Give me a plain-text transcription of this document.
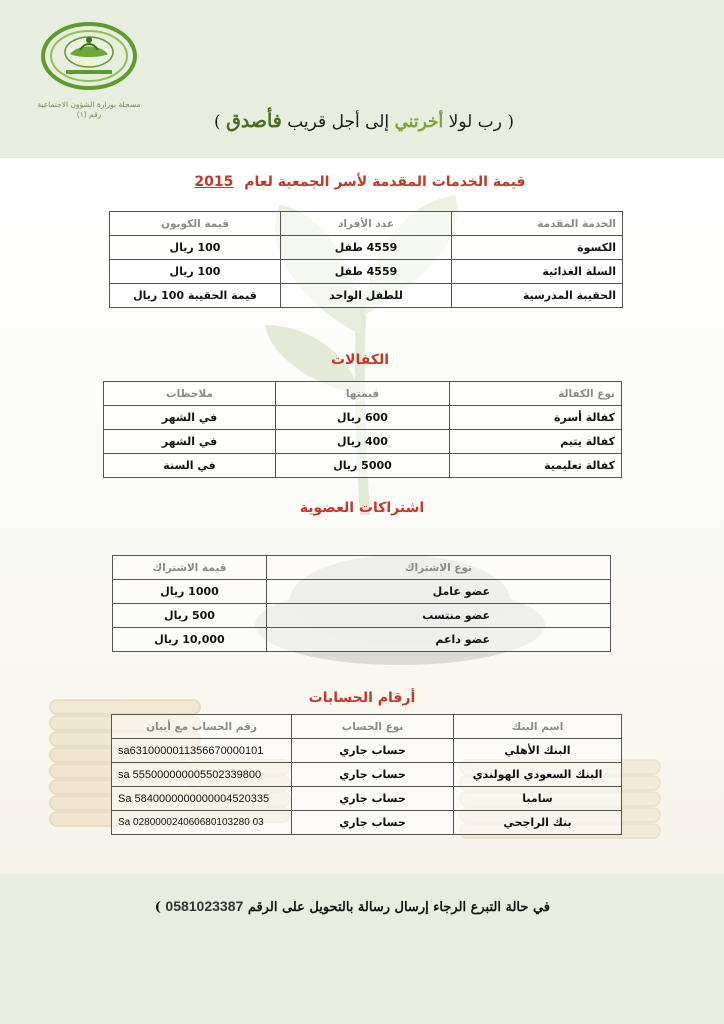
مسجلة بوزارة الشؤون الاجتماعية
رقم (١)	( رب لولا أخرتني إلى أجل قريب فأصدق )
قيمة الخدمات المقدمة لأسر الجمعية لعام 2015
الخدمة المقدمة	عدد الأفراد	قيمة الكوبون
الكسوة	4559 طفل	100 ريال
السلة الغذائية	4559 طفل	100 ريال
الحقيبة المدرسية	للطفل الواحد	قيمة الحقيبة 100 ريال
الكفالات
نوع الكفالة	قيمتها	ملاحظات
كفالة أسرة	600 ريال	في الشهر
كفالة يتيم	400 ريال	في الشهر
كفالة تعليمية	5000 ريال	في السنة
اشتراكات العضوية
نوع الاشتراك	قيمة الاشتراك
عضو عامل	1000 ريال
عضو منتسب	500 ريال
عضو داعم	10,000 ريال
أرقام الحسابات
اسم البنك	نوع الحساب	رقم الحساب مع أيبان
البنك الأهلي	حساب جاري	sa6310000011356670000101
البنك السعودي الهولندي	حساب جاري	sa 555000000005502339800
سامبا	حساب جاري	Sa 5840000000000004520335
بنك الراجحي	حساب جاري	Sa 028000024060680103280 03
في حالة التبرع الرجاء إرسال رسالة بالتحويل على الرقم 0581023387 )
